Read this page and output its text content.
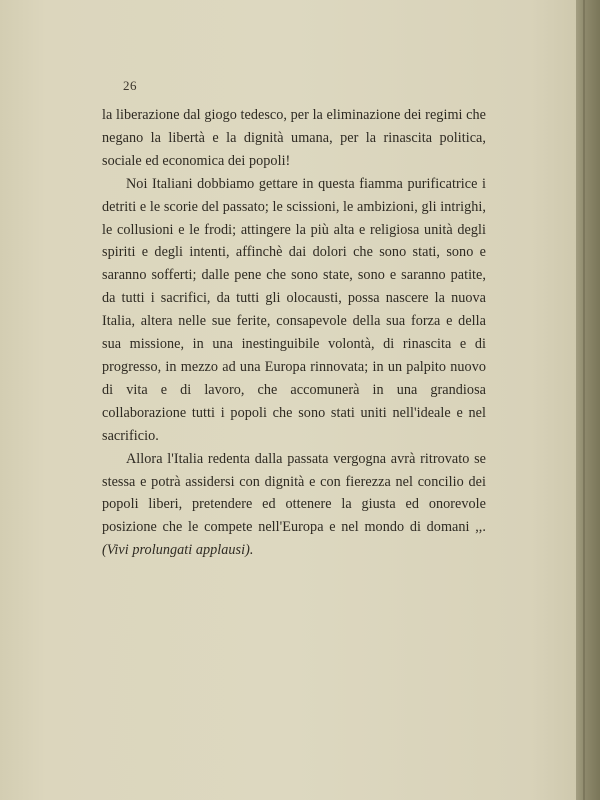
26

la liberazione dal giogo tedesco, per la eliminazione dei regimi che negano la libertà e la dignità umana, per la rinascita politica, sociale ed economica dei popoli!

Noi Italiani dobbiamo gettare in questa fiamma purificatrice i detriti e le scorie del passato; le scissioni, le ambizioni, gli intrighi, le collusioni e le frodi; attingere la più alta e religiosa unità degli spiriti e degli intenti, affinchè dai dolori che sono stati, sono e saranno sofferti; dalle pene che sono state, sono e saranno patite, da tutti i sacrifici, da tutti gli olocausti, possa nascere la nuova Italia, altera nelle sue ferite, consapevole della sua forza e della sua missione, in una inestinguibile volontà, di rinascita e di progresso, in mezzo ad una Europa rinnovata; in un palpito nuovo di vita e di lavoro, che accomunerà in una grandiosa collaborazione tutti i popoli che sono stati uniti nell'ideale e nel sacrificio.

Allora l'Italia redenta dalla passata vergogna avrà ritrovato se stessa e potrà assidersi con dignità e con fierezza nel concilio dei popoli liberi, pretendere ed ottenere la giusta ed onorevole posizione che le compete nell'Europa e nel mondo di domani ,,. (Vivi prolungati applausi).
